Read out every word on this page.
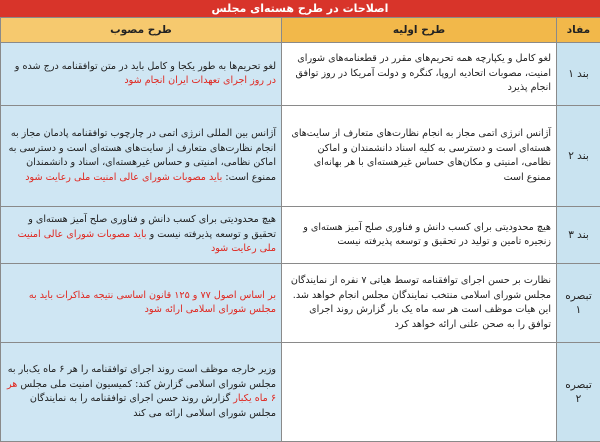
اصلاحات در طرح هسته‌ای مجلس
مفاد	طرح اولیه	طرح مصوب
بند ۱	لغو کامل و یکپارچه همه تحریم‌های مقرر در قطعنامه‌های شورای امنیت، مصوبات اتحادیه اروپا، کنگره و دولت آمریکا در روز توافق انجام پذیرد	لغو تحریم‌ها به طور یکجا و کامل باید در متن توافقنامه درج شده و در روز اجرای تعهدات ایران انجام شود
بند ۲	آژانس انرژی اتمی مجاز به انجام نظارت‌های متعارف از سایت‌های هسته‌ای است و دسترسی به کلیه اسناد دانشمندان و اماکن نظامی، امنیتی و مکان‌های حساس غیرهسته‌ای با هر بهانه‌ای ممنوع است	آژانس بین المللی انرژی اتمی در چارچوب توافقنامه پادمان مجاز به انجام نظارت‌های متعارف از سایت‌های هسته‌ای است و دسترسی به اماکن نظامی، امنیتی و حساس غیرهسته‌ای، اسناد و دانشمندان ممنوع است: باید مصوبات شورای عالی امنیت ملی رعایت شود
بند ۳	هیچ محدودیتی برای کسب دانش و فناوری صلح آمیز هسته‌ای و زنجیره تامین و تولید در تحقیق و توسعه پذیرفته نیست	هیچ محدودیتی برای کسب دانش و فناوری صلح آمیز هسته‌ای و تحقیق و توسعه پذیرفته نیست و باید مصوبات شورای عالی امنیت ملی رعایت شود
تبصره ۱	نظارت بر حسن اجرای توافقنامه توسط هیاتی ۷ نفره از نمایندگان مجلس شورای اسلامی منتخب نمایندگان مجلس انجام خواهد شد. این هیات موظف است هر سه ماه یک بار گزارش روند اجرای توافق را به صحن علنی ارائه خواهد کرد	بر اساس اصول ۷۷ و ۱۲۵ قانون اساسی نتیجه مذاکرات باید به مجلس شورای اسلامی ارائه شود
تبصره ۲		وزیر خارجه موظف است روند اجرای توافقنامه را هر ۶ ماه یک‌بار به مجلس شورای اسلامی گزارش کند: کمیسیون امنیت ملی مجلس هر ۶ ماه یکبار گزارش روند حسن اجرای توافقنامه را به نمایندگان مجلس شورای اسلامی ارائه می کند
